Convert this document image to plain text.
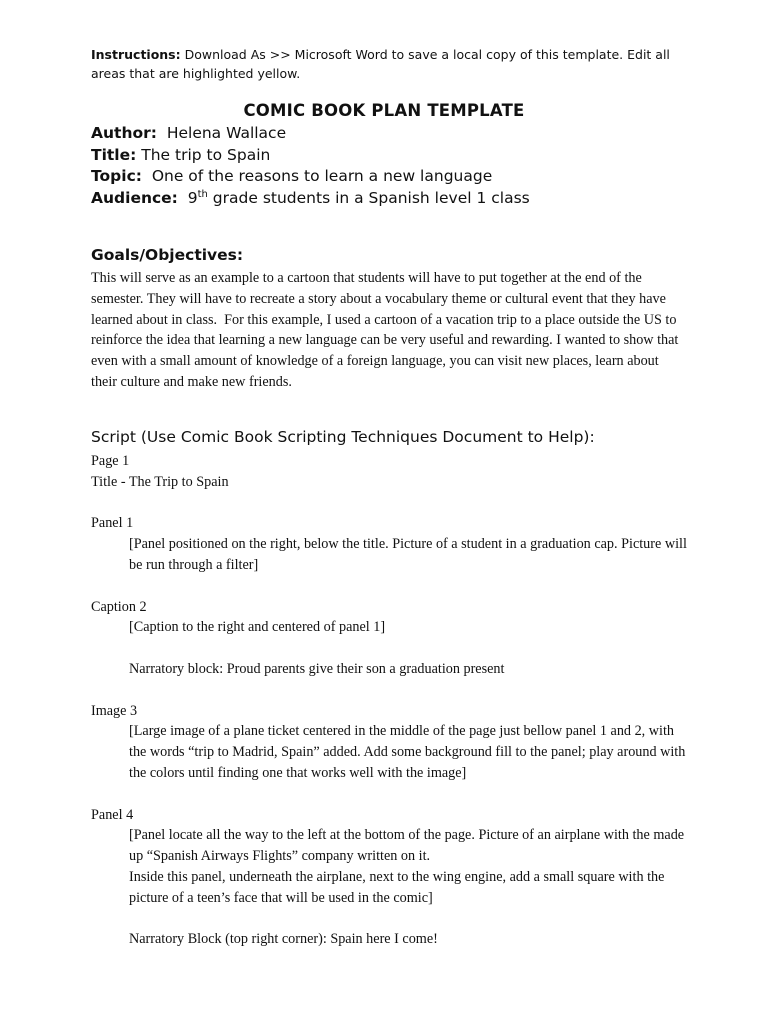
Instructions: Download As >> Microsoft Word to save a local copy of this template. Edit all areas that are highlighted yellow.
COMIC BOOK PLAN TEMPLATE
Author:  Helena Wallace
Title: The trip to Spain
Topic:  One of the reasons to learn a new language
Audience:  9th grade students in a Spanish level 1 class
Goals/Objectives:
This will serve as an example to a cartoon that students will have to put together at the end of the semester. They will have to recreate a story about a vocabulary theme or cultural event that they have learned about in class.  For this example, I used a cartoon of a vacation trip to a place outside the US to reinforce the idea that learning a new language can be very useful and rewarding. I wanted to show that even with a small amount of knowledge of a foreign language, you can visit new places, learn about their culture and make new friends.
Script (Use Comic Book Scripting Techniques Document to Help):
Page 1
Title - The Trip to Spain
Panel 1
[Panel positioned on the right, below the title. Picture of a student in a graduation cap. Picture will be run through a filter]
Caption 2
[Caption to the right and centered of panel 1]
Narratory block: Proud parents give their son a graduation present
Image 3
[Large image of a plane ticket centered in the middle of the page just bellow panel 1 and 2, with the words “trip to Madrid, Spain” added. Add some background fill to the panel; play around with the colors until finding one that works well with the image]
Panel 4
[Panel locate all the way to the left at the bottom of the page. Picture of an airplane with the made up “Spanish Airways Flights” company written on it.
Inside this panel, underneath the airplane, next to the wing engine, add a small square with the picture of a teen’s face that will be used in the comic]
Narratory Block (top right corner): Spain here I come!
